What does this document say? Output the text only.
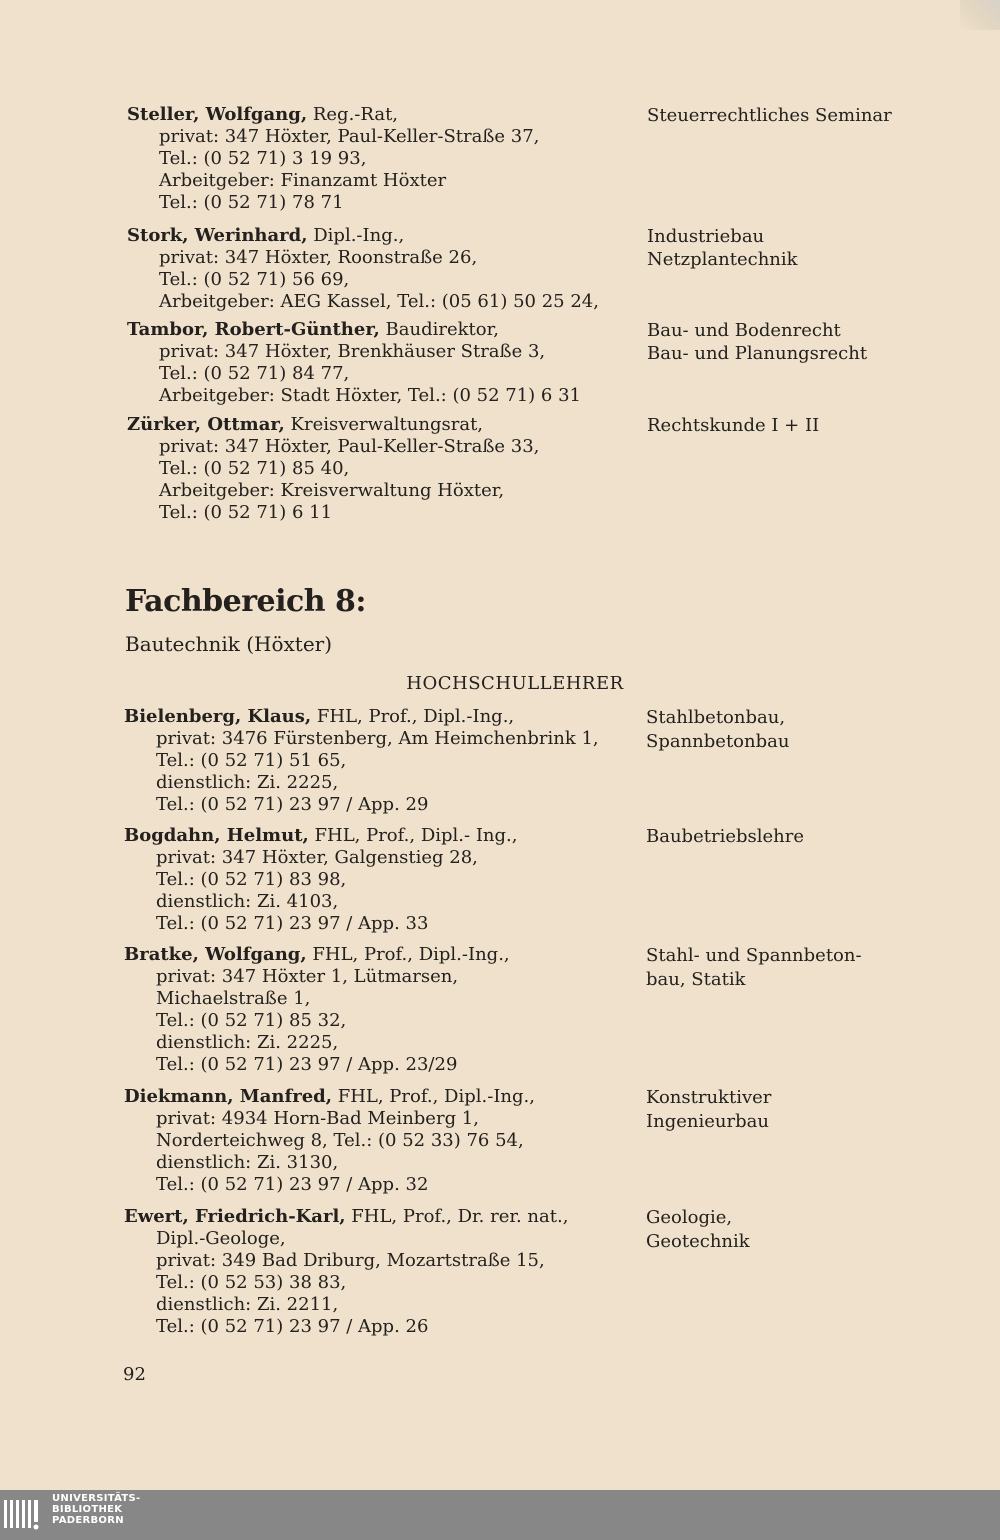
Steller, Wolfgang, Reg.-Rat,
privat: 347 Höxter, Paul-Keller-Straße 37,
Tel.: (0 52 71) 3 19 93,
Arbeitgeber: Finanzamt Höxter
Tel.: (0 52 71) 78 71
Steuerrechtliches Seminar
Stork, Werinhard, Dipl.-Ing.,
privat: 347 Höxter, Roonstraße 26,
Tel.: (0 52 71) 56 69,
Arbeitgeber: AEG Kassel, Tel.: (05 61) 50 25 24,
Industriebau
Netzplantechnik
Tambor, Robert-Günther, Baudirektor,
privat: 347 Höxter, Brenkhäuser Straße 3,
Tel.: (0 52 71) 84 77,
Arbeitgeber: Stadt Höxter, Tel.: (0 52 71) 6 31
Bau- und Bodenrecht
Bau- und Planungsrecht
Zürker, Ottmar, Kreisverwaltungsrat,
privat: 347 Höxter, Paul-Keller-Straße 33,
Tel.: (0 52 71) 85 40,
Arbeitgeber: Kreisverwaltung Höxter,
Tel.: (0 52 71) 6 11
Rechtskunde I + II
Fachbereich 8:
Bautechnik (Höxter)
HOCHSCHULLEHRER
Bielenberg, Klaus, FHL, Prof., Dipl.-Ing.,
privat: 3476 Fürstenberg, Am Heimchenbrink 1,
Tel.: (0 52 71) 51 65,
dienstlich: Zi. 2225,
Tel.: (0 52 71) 23 97 / App. 29
Stahlbetonbau,
Spannbetonbau
Bogdahn, Helmut, FHL, Prof., Dipl.- Ing.,
privat: 347 Höxter, Galgenstieg 28,
Tel.: (0 52 71) 83 98,
dienstlich: Zi. 4103,
Tel.: (0 52 71) 23 97 / App. 33
Baubetriebslehre
Bratke, Wolfgang, FHL, Prof., Dipl.-Ing.,
privat: 347 Höxter 1, Lütmarsen,
Michaelstraße 1,
Tel.: (0 52 71) 85 32,
dienstlich: Zi. 2225,
Tel.: (0 52 71) 23 97 / App. 23/29
Stahl- und Spannbeton-
bau, Statik
Diekmann, Manfred, FHL, Prof., Dipl.-Ing.,
privat: 4934 Horn-Bad Meinberg 1,
Norderteichweg 8, Tel.: (0 52 33) 76 54,
dienstlich: Zi. 3130,
Tel.: (0 52 71) 23 97 / App. 32
Konstruktiver
Ingenieurbau
Ewert, Friedrich-Karl, FHL, Prof., Dr. rer. nat.,
Dipl.-Geologe,
privat: 349 Bad Driburg, Mozartstraße 15,
Tel.: (0 52 53) 38 83,
dienstlich: Zi. 2211,
Tel.: (0 52 71) 23 97 / App. 26
Geologie,
Geotechnik
92
UNIVERSITÄTS-
BIBLIOTHEK
PADERBORN
